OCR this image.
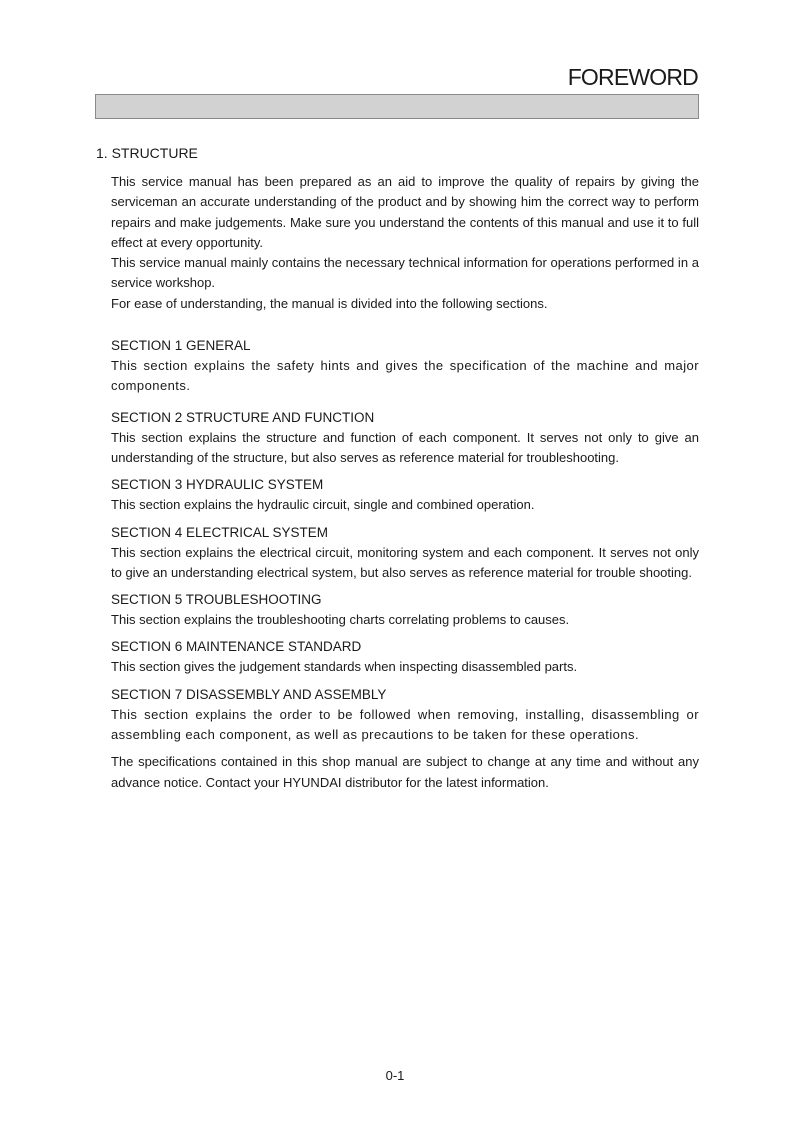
FOREWORD
1. STRUCTURE

This service manual has been prepared as an aid to improve the quality of repairs by giving the serviceman an accurate understanding of the product and by showing him the correct way to perform repairs and make judgements. Make sure you understand the contents of this manual and use it to full effect at every opportunity.

This service manual mainly contains the necessary technical information for operations performed in a service workshop.

For ease of understanding, the manual is divided into the following sections.

SECTION 1 GENERAL
This section explains the safety hints and gives the specification of the machine and major components.
SECTION 2 STRUCTURE AND FUNCTION
This section explains the structure and function of each component. It serves not only to give an understanding of the structure, but also serves as reference material for troubleshooting.
SECTION 3 HYDRAULIC SYSTEM
This section explains the hydraulic circuit, single and combined operation.
SECTION 4 ELECTRICAL SYSTEM
This section explains the electrical circuit, monitoring system and each component. It serves not only to give an understanding electrical system, but also serves as reference material for trouble shooting.
SECTION 5 TROUBLESHOOTING
This section explains the troubleshooting charts correlating problems to causes.
SECTION 6 MAINTENANCE STANDARD
This section gives the judgement standards when inspecting disassembled parts.
SECTION 7 DISASSEMBLY AND ASSEMBLY
This section explains the order to be followed when removing, installing, disassembling or assembling each component, as well as precautions to be taken for these operations.

The specifications contained in this shop manual are subject to change at any time and without any advance notice. Contact your HYUNDAI distributor for the latest information.

0-1
